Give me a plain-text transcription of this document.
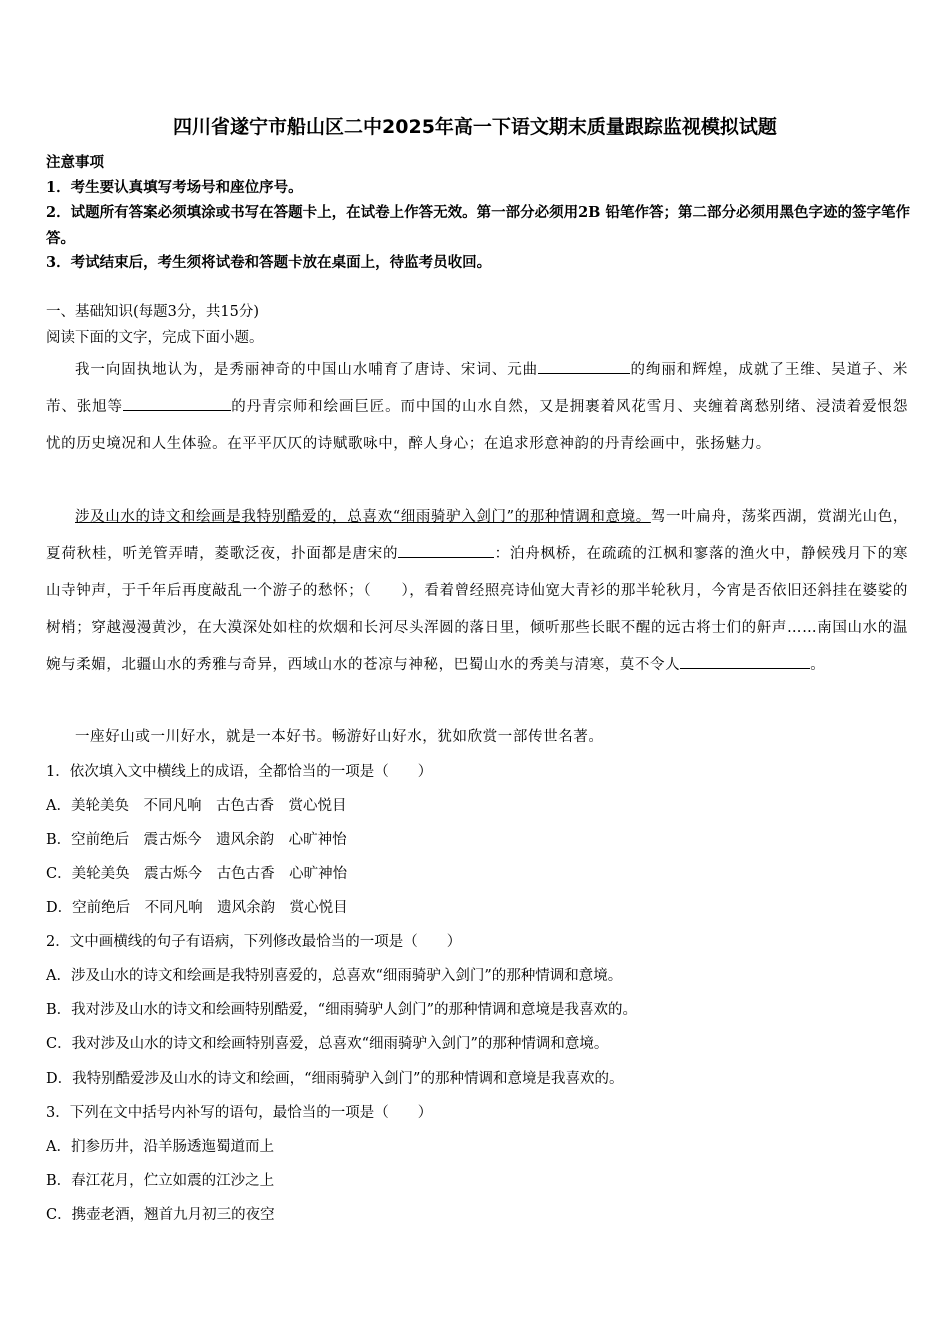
四川省遂宁市船山区二中2025年高一下语文期末质量跟踪监视模拟试题
注意事项
1．考生要认真填写考场号和座位序号。
2．试题所有答案必须填涂或书写在答题卡上，在试卷上作答无效。第一部分必须用2B 铅笔作答；第二部分必须用黑色字迹的签字笔作答。
3．考试结束后，考生须将试卷和答题卡放在桌面上，待监考员收回。
一、基础知识(每题3分，共15分)
阅读下面的文字，完成下面小题。

我一向固执地认为，是秀丽神奇的中国山水哺育了唐诗、宋词、元曲	的绚丽和辉煌，成就了王维、吴道子、米芾、张旭等	的丹青宗师和绘画巨匠。而中国的山水自然，又是拥裹着风花雪月、夹缠着离愁别绪、浸渍着爱恨怨忧的历史境况和人生体验。在平平仄仄的诗赋歌咏中，醉人身心；在追求形意神韵的丹青绘画中，张扬魅力。

涉及山水的诗文和绘画是我特别酷爱的，总喜欢“细雨骑驴入剑门”的那种情调和意境。驾一叶扁舟，荡桨西湖，赏湖光山色，夏荷秋桂，听羌管弄晴，菱歌泛夜，扑面都是唐宋的	：泊舟枫桥，在疏疏的江枫和寥落的渔火中，静候残月下的寒山寺钟声，于千年后再度敲乱一个游子的愁怀；（　　），看着曾经照亮诗仙宽大青衫的那半轮秋月，今宵是否依旧还斜挂在婆娑的树梢；穿越漫漫黄沙，在大漠深处如柱的炊烟和长河尽头浑圆的落日里，倾听那些长眠不醒的远古将士们的鼾声……南国山水的温婉与柔媚，北疆山水的秀雅与奇异，西域山水的苍凉与神秘，巴蜀山水的秀美与清寒，莫不令人	。

一座好山或一川好水，就是一本好书。畅游好山好水，犹如欣赏一部传世名著。

1．依次填入文中横线上的成语，全都恰当的一项是（　　）
A．美轮美奂　不同凡响　古色古香　赏心悦目
B．空前绝后　震古烁今　遗风余韵　心旷神怡
C．美轮美奂　震古烁今　古色古香　心旷神怡
D．空前绝后　不同凡响　遗风余韵　赏心悦目
2．文中画横线的句子有语病，下列修改最恰当的一项是（　　）
A．涉及山水的诗文和绘画是我特别喜爱的，总喜欢“细雨骑驴入剑门”的那种情调和意境。
B．我对涉及山水的诗文和绘画特别酷爱，“细雨骑驴人剑门”的那种情调和意境是我喜欢的。
C．我对涉及山水的诗文和绘画特别喜爱，总喜欢“细雨骑驴入剑门”的那种情调和意境。
D．我特别酷爱涉及山水的诗文和绘画，“细雨骑驴入剑门”的那种情调和意境是我喜欢的。
3．下列在文中括号内补写的语句，最恰当的一项是（　　）
A．扪参历井，沿羊肠透迤蜀道而上
B．春江花月，伫立如震的江沙之上
C．携壶老酒，翘首九月初三的夜空
